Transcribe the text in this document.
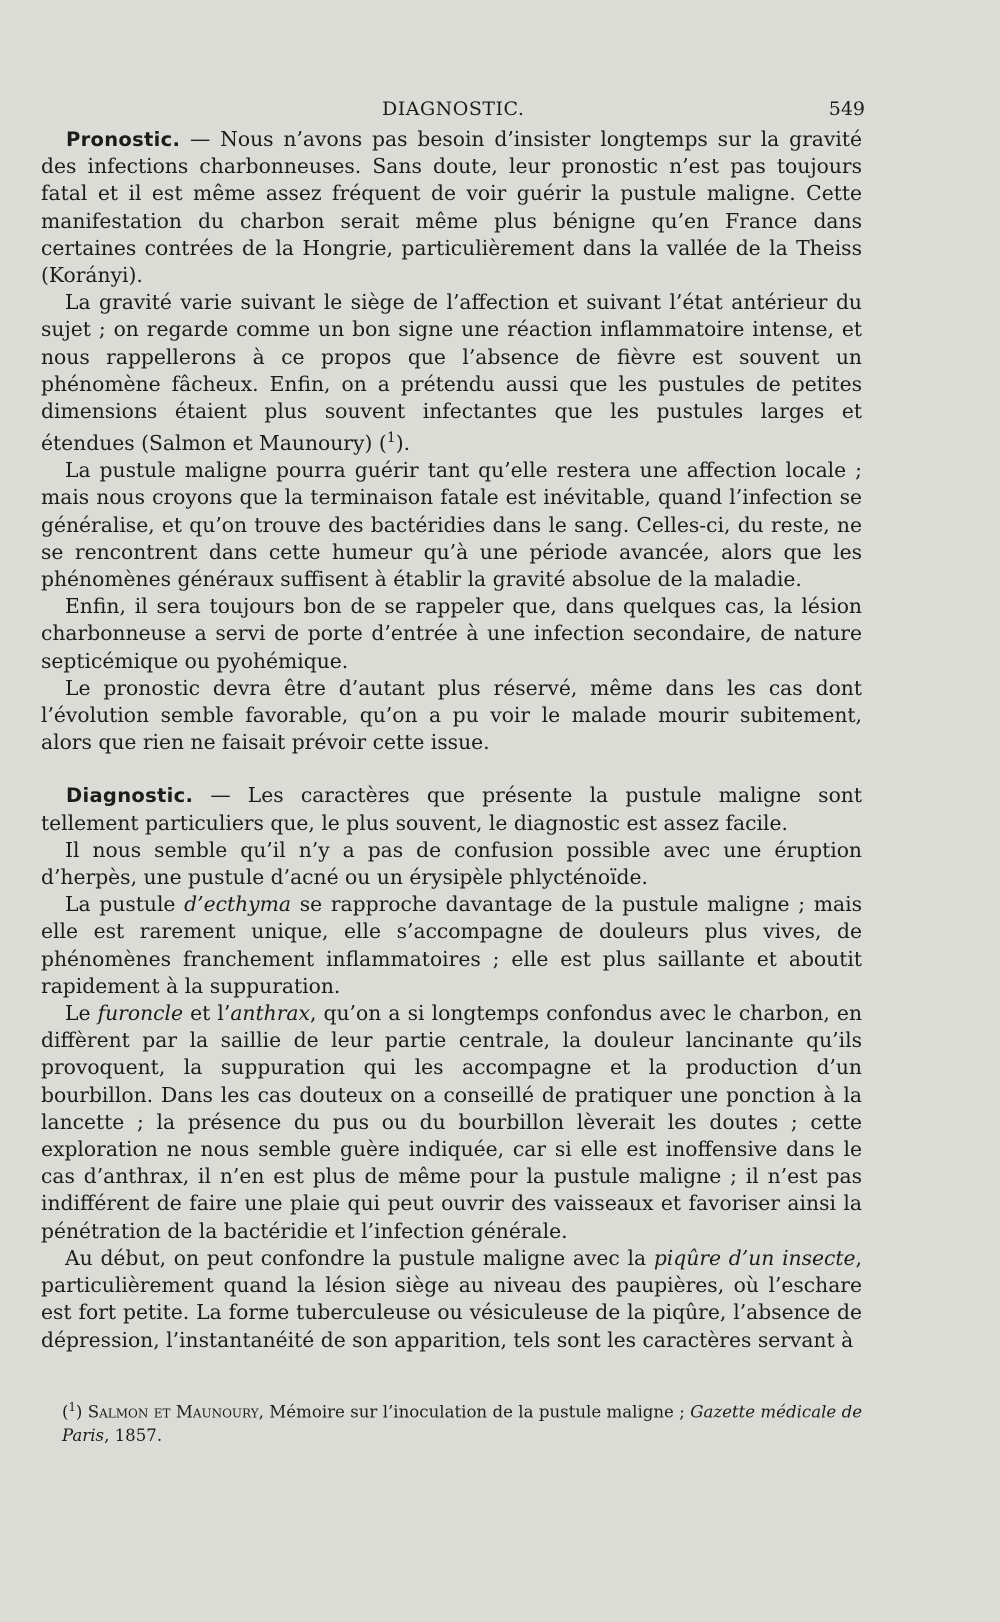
DIAGNOSTIC.	549

Pronostic. — Nous n’avons pas besoin d’insister longtemps sur la gravité des infections charbonneuses. Sans doute, leur pronostic n’est pas toujours fatal et il est même assez fréquent de voir guérir la pustule maligne. Cette manifestation du charbon serait même plus bénigne qu’en France dans certaines contrées de la Hongrie, particulièrement dans la vallée de la Theiss (Korányi).

La gravité varie suivant le siège de l’affection et suivant l’état antérieur du sujet ; on regarde comme un bon signe une réaction inflammatoire intense, et nous rappellerons à ce propos que l’absence de fièvre est souvent un phénomène fâcheux. Enfin, on a prétendu aussi que les pustules de petites dimensions étaient plus souvent infectantes que les pustules larges et étendues (Salmon et Maunoury) ($^1$).

La pustule maligne pourra guérir tant qu’elle restera une affection locale ; mais nous croyons que la terminaison fatale est inévitable, quand l’infection se généralise, et qu’on trouve des bactéridies dans le sang. Celles-ci, du reste, ne se rencontrent dans cette humeur qu’à une période avancée, alors que les phénomènes généraux suffisent à établir la gravité absolue de la maladie.

Enfin, il sera toujours bon de se rappeler que, dans quelques cas, la lésion charbonneuse a servi de porte d’entrée à une infection secondaire, de nature septicémique ou pyohémique.

Le pronostic devra être d’autant plus réservé, même dans les cas dont l’évolution semble favorable, qu’on a pu voir le malade mourir subitement, alors que rien ne faisait prévoir cette issue.

Diagnostic. — Les caractères que présente la pustule maligne sont tellement particuliers que, le plus souvent, le diagnostic est assez facile.

Il nous semble qu’il n’y a pas de confusion possible avec une éruption d’herpès, une pustule d’acné ou un érysipèle phlycténoïde.

La pustule d’ecthyma se rapproche davantage de la pustule maligne ; mais elle est rarement unique, elle s’accompagne de douleurs plus vives, de phénomènes franchement inflammatoires ; elle est plus saillante et aboutit rapidement à la suppuration.

Le furoncle et l’anthrax, qu’on a si longtemps confondus avec le charbon, en diffèrent par la saillie de leur partie centrale, la douleur lancinante qu’ils provoquent, la suppuration qui les accompagne et la production d’un bourbillon. Dans les cas douteux on a conseillé de pratiquer une ponction à la lancette ; la présence du pus ou du bourbillon lèverait les doutes ; cette exploration ne nous semble guère indiquée, car si elle est inoffensive dans le cas d’anthrax, il n’en est plus de même pour la pustule maligne ; il n’est pas indifférent de faire une plaie qui peut ouvrir des vaisseaux et favoriser ainsi la pénétration de la bactéridie et l’infection générale.

Au début, on peut confondre la pustule maligne avec la piqûre d’un insecte, particulièrement quand la lésion siège au niveau des paupières, où l’eschare est fort petite. La forme tuberculeuse ou vésiculeuse de la piqûre, l’absence de dépression, l’instantanéité de son apparition, tels sont les caractères servant à

($^1$) Salmon et Maunoury, Mémoire sur l’inoculation de la pustule maligne ; Gazette médicale de Paris, 1857.
